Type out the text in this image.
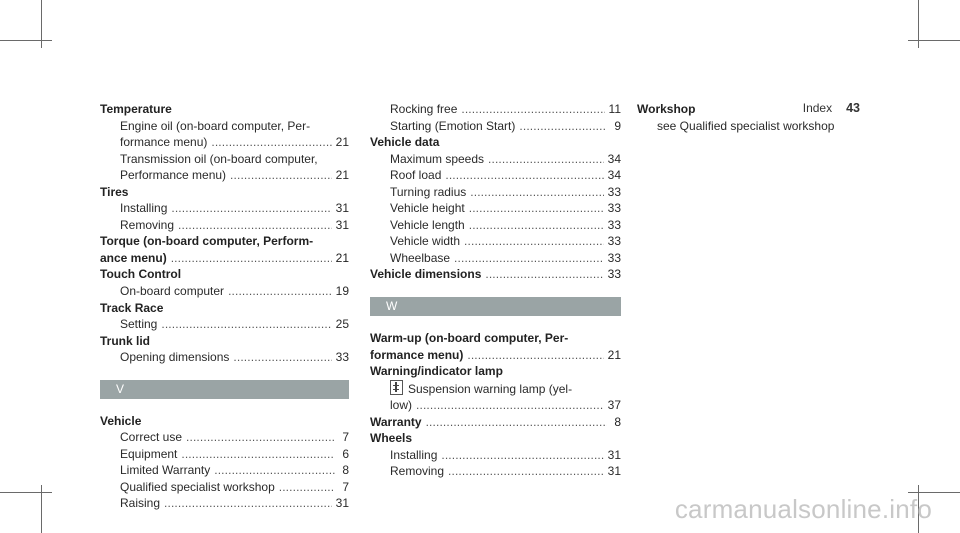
Index 43
Temperature
Engine oil (on-board computer, Per-
formance menu) . . .	21
Transmission oil (on-board computer,
Performance menu) . . .	21
Tires
Installing . . .	31
Removing . . .	31
Torque (on-board computer, Perform-
ance menu) . . .	21
Touch Control
On-board computer . . .	19
Track Race
Setting . . .	25
Trunk lid
Opening dimensions . . .	33
V
Vehicle
Correct use . . .	7
Equipment . . .	6
Limited Warranty . . .	8
Qualified specialist workshop . . .	7
Raising . . .	31
Rocking free . . .	11
Starting (Emotion Start) . . .	9
Vehicle data
Maximum speeds . . .	34
Roof load . . .	34
Turning radius . . .	33
Vehicle height . . .	33
Vehicle length . . .	33
Vehicle width . . .	33
Wheelbase . . .	33
Vehicle dimensions . . .	33
W
Warm-up (on-board computer, Per-
formance menu) . . .	21
Warning/indicator lamp
Suspension warning lamp (yel-
low) . . .	37
Warranty . . .	8
Wheels
Installing . . .	31
Removing . . .	31
Workshop
see Qualified specialist workshop
carmanualsonline.info
